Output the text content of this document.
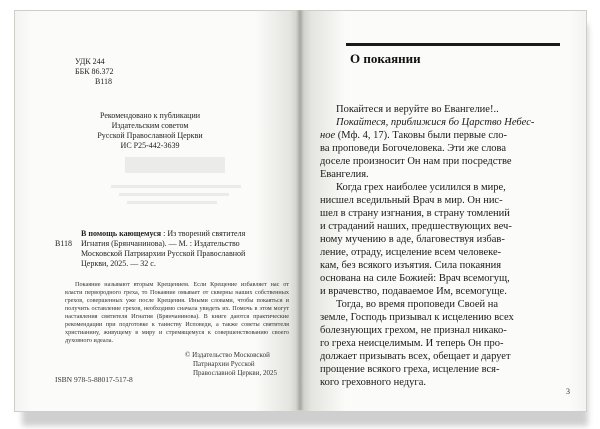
УДК 244
ББК 86.372
В118
Рекомендовано к публикации
Издательским советом
Русской Православной Церкви
ИС Р25-442-3639
В118
В помощь кающемуся : Из творений святителя
Игнатия (Брянчанинова). — М. : Издательство
Московской Патриархии Русской Православной
Церкви, 2025. — 32 с.

Покаяние называют вторым Крещением. Если Крещение избавляет нас от власти первородного греха, то Покаяние омывает от скверны наших собственных грехов, совершенных уже после Крещения. Иными словами, чтобы покаяться и получить оставление грехов, необходимо сначала увидеть их. Помочь в этом могут наставления святителя Игнатия (Брянчанинова). В книге даются практические рекомендации при подготовке к таинству Исповеди, а также советы святителя христианину, живущему в миру и стремящемуся к совершенствованию своего духовного идеала.

© Издательство Московской
Патриархии Русской
Православной Церкви, 2025
ISBN 978-5-88017-517-8
О покаянии
Покайтеся и веруйте во Евангелие!..
Покайтеся, приближися бо Царство Небес-
ное (Мф. 4, 17). Таковы были первые сло-
ва проповеди Богочеловека. Эти же слова
доселе произносит Он нам при посредстве
Евангелия.
Когда грех наиболее усилился в мире,
нисшел вседильный Врач в мир. Он нис-
шел в страну изгнания, в страну томлений
и страданий наших, предшествующих веч-
ному мучению в аде, благовествуя избав-
ление, отраду, исцеление всем человеке-
кам, без всякого изъятия. Сила покаяния
основана на силе Божией: Врач всемогущ,
и врачевство, подаваемое Им, всемогуще.
Тогда, во время проповеди Своей на
земле, Господь призывал к исцелению всех
болезнующих грехом, не признал никако-
го греха неисцелимым. И теперь Он про-
должает призывать всех, обещает и дарует
прощение всякого греха, исцеление вся-
кого греховного недуга.
3
